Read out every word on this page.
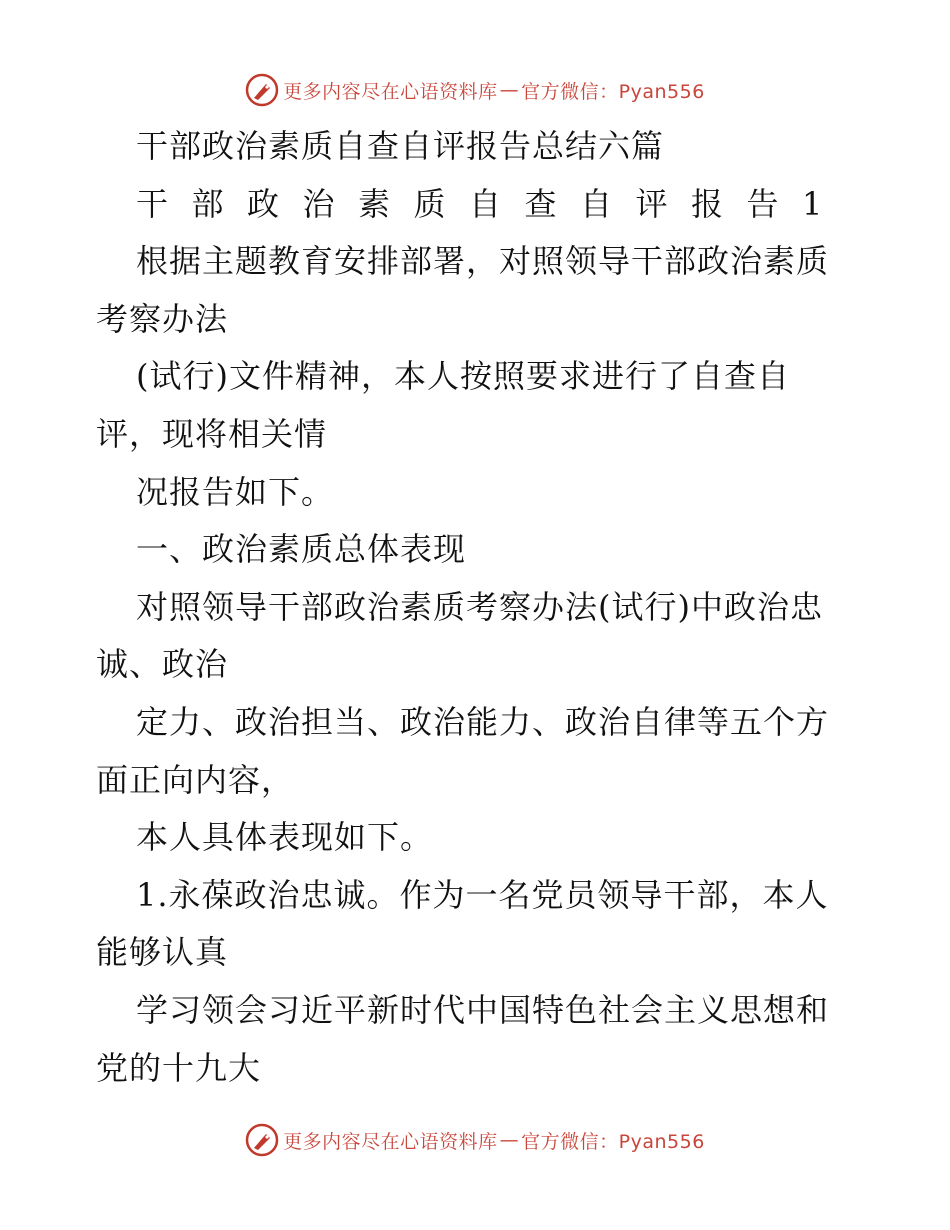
更多内容尽在心语资料库 — 官方微信：Pyan556
干部政治素质自查自评报告总结六篇
干部政治素质自查自评报告1
根据主题教育安排部署，对照领导干部政治素质
考察办法
(试行)文件精神，本人按照要求进行了自查自
评，现将相关情
况报告如下。
一、政治素质总体表现
对照领导干部政治素质考察办法(试行)中政治忠
诚、政治
定力、政治担当、政治能力、政治自律等五个方
面正向内容，
本人具体表现如下。
1.永葆政治忠诚。作为一名党员领导干部，本人
能够认真
学习领会习近平新时代中国特色社会主义思想和
党的十九大
更多内容尽在心语资料库 — 官方微信：Pyan556
